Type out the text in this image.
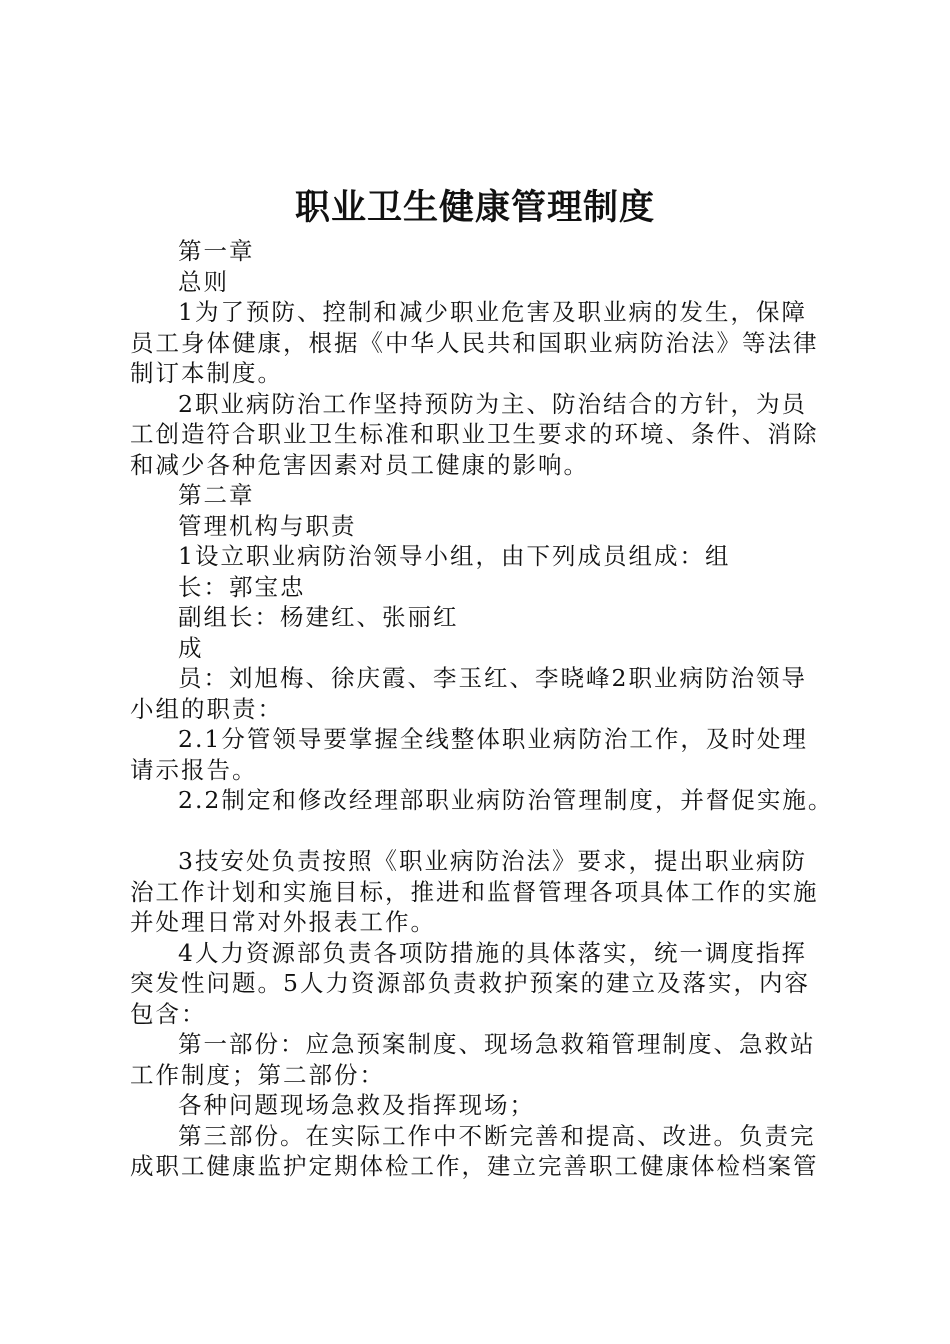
职业卫生健康管理制度
第一章
总则
1为了预防、控制和减少职业危害及职业病的发生，保障
员工身体健康，根据《中华人民共和国职业病防治法》等法律
制订本制度。
2职业病防治工作坚持预防为主、防治结合的方针，为员
工创造符合职业卫生标准和职业卫生要求的环境、条件、消除
和减少各种危害因素对员工健康的影响。
第二章
管理机构与职责
1设立职业病防治领导小组，由下列成员组成：组
长：郭宝忠
副组长：杨建红、张丽红
成
员：刘旭梅、徐庆霞、李玉红、李晓峰2职业病防治领导
小组的职责：
2.1分管领导要掌握全线整体职业病防治工作，及时处理
请示报告。
2.2制定和修改经理部职业病防治管理制度，并督促实施。
3技安处负责按照《职业病防治法》要求，提出职业病防
治工作计划和实施目标，推进和监督管理各项具体工作的实施
并处理日常对外报表工作。
4人力资源部负责各项防措施的具体落实，统一调度指挥
突发性问题。5人力资源部负责救护预案的建立及落实，内容
包含：
第一部份：应急预案制度、现场急救箱管理制度、急救站
工作制度；第二部份：
各种问题现场急救及指挥现场；
第三部份。在实际工作中不断完善和提高、改进。负责完
成职工健康监护定期体检工作，建立完善职工健康体检档案管
